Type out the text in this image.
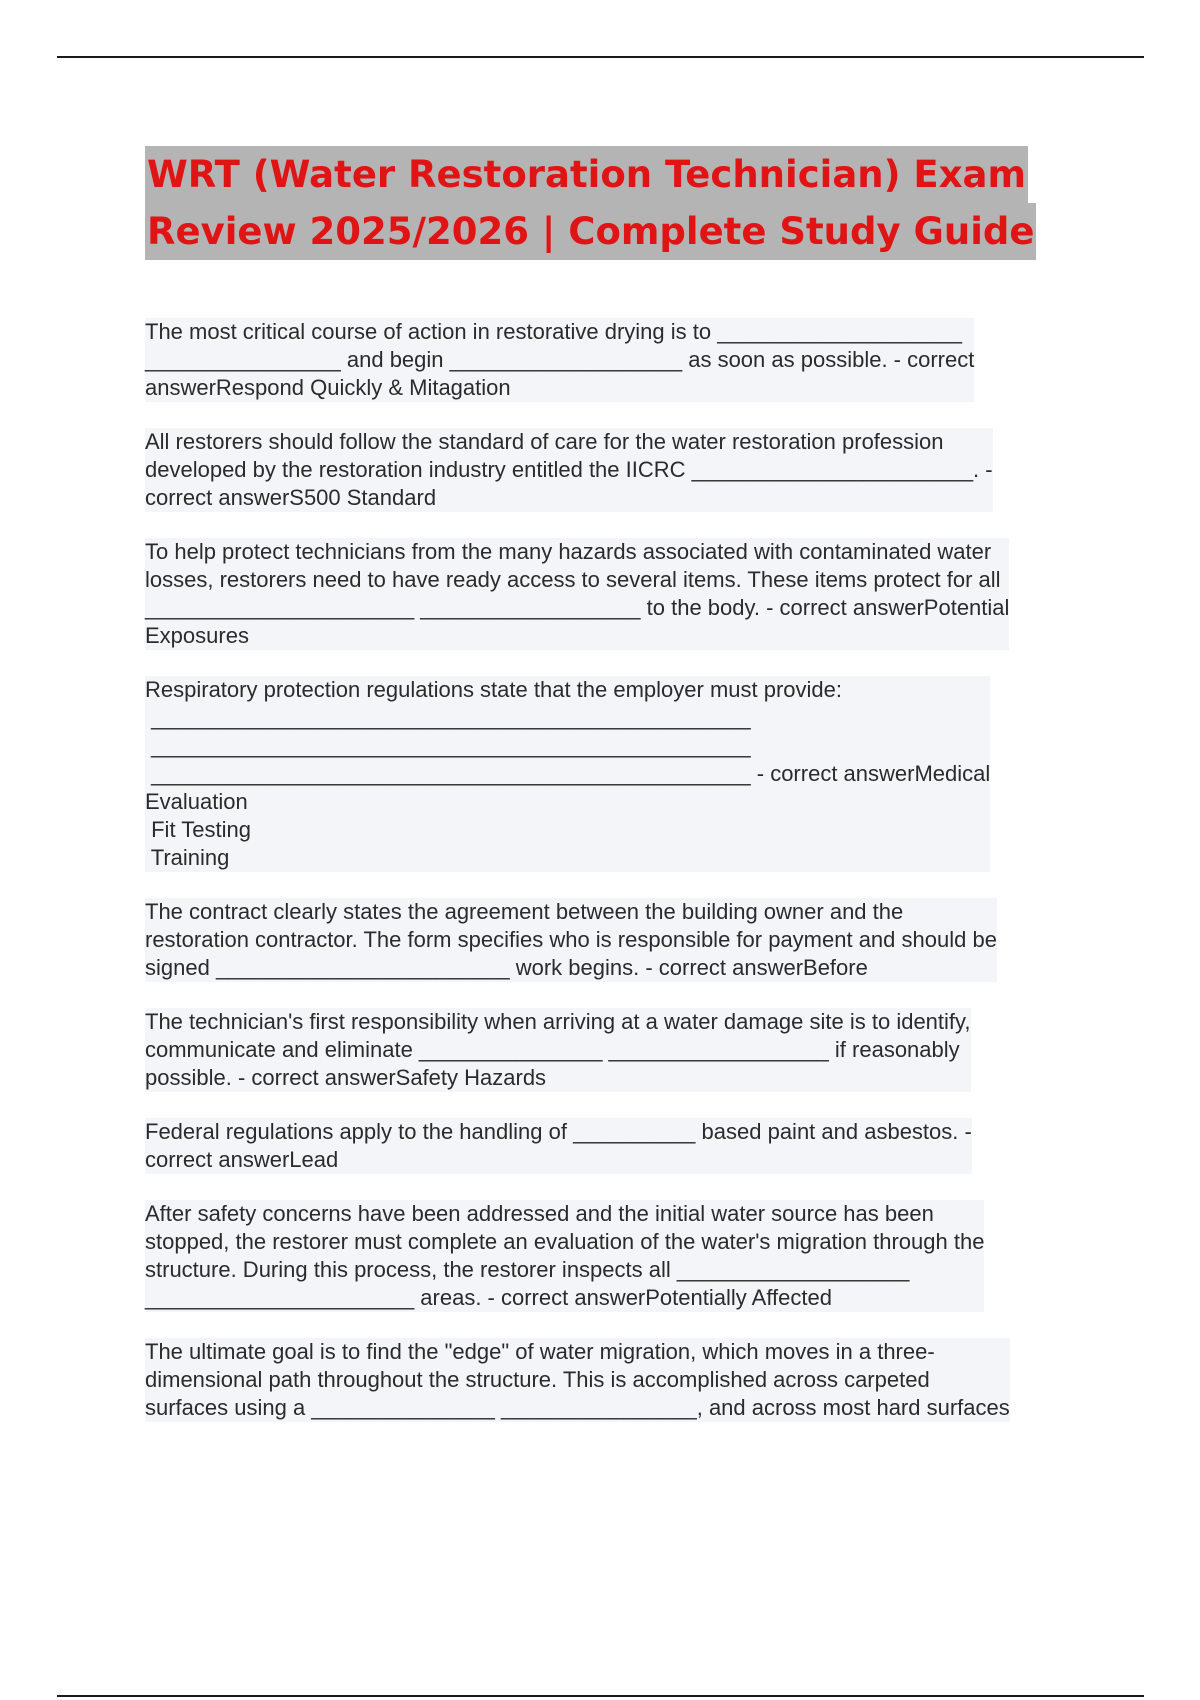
WRT (Water Restoration Technician) Exam
Review 2025/2026 | Complete Study Guide
The most critical course of action in restorative drying is to ____________________
________________ and begin ___________________ as soon as possible. - correct
answerRespond Quickly & Mitagation
All restorers should follow the standard of care for the water restoration profession
developed by the restoration industry entitled the IICRC _______________________. -
correct answerS500 Standard
To help protect technicians from the many hazards associated with contaminated water
losses, restorers need to have ready access to several items. These items protect for all
______________________ __________________ to the body. - correct answerPotential
Exposures
Respiratory protection regulations state that the employer must provide:
_________________________________________________
_________________________________________________
_________________________________________________ - correct answerMedical
Evaluation
Fit Testing
Training
The contract clearly states the agreement between the building owner and the
restoration contractor. The form specifies who is responsible for payment and should be
signed ________________________ work begins. - correct answerBefore
The technician's first responsibility when arriving at a water damage site is to identify,
communicate and eliminate _______________ __________________ if reasonably
possible. - correct answerSafety Hazards
Federal regulations apply to the handling of __________ based paint and asbestos. -
correct answerLead
After safety concerns have been addressed and the initial water source has been
stopped, the restorer must complete an evaluation of the water's migration through the
structure. During this process, the restorer inspects all ___________________
______________________ areas. - correct answerPotentially Affected
The ultimate goal is to find the "edge" of water migration, which moves in a three-
dimensional path throughout the structure. This is accomplished across carpeted
surfaces using a _______________ ________________, and across most hard surfaces
